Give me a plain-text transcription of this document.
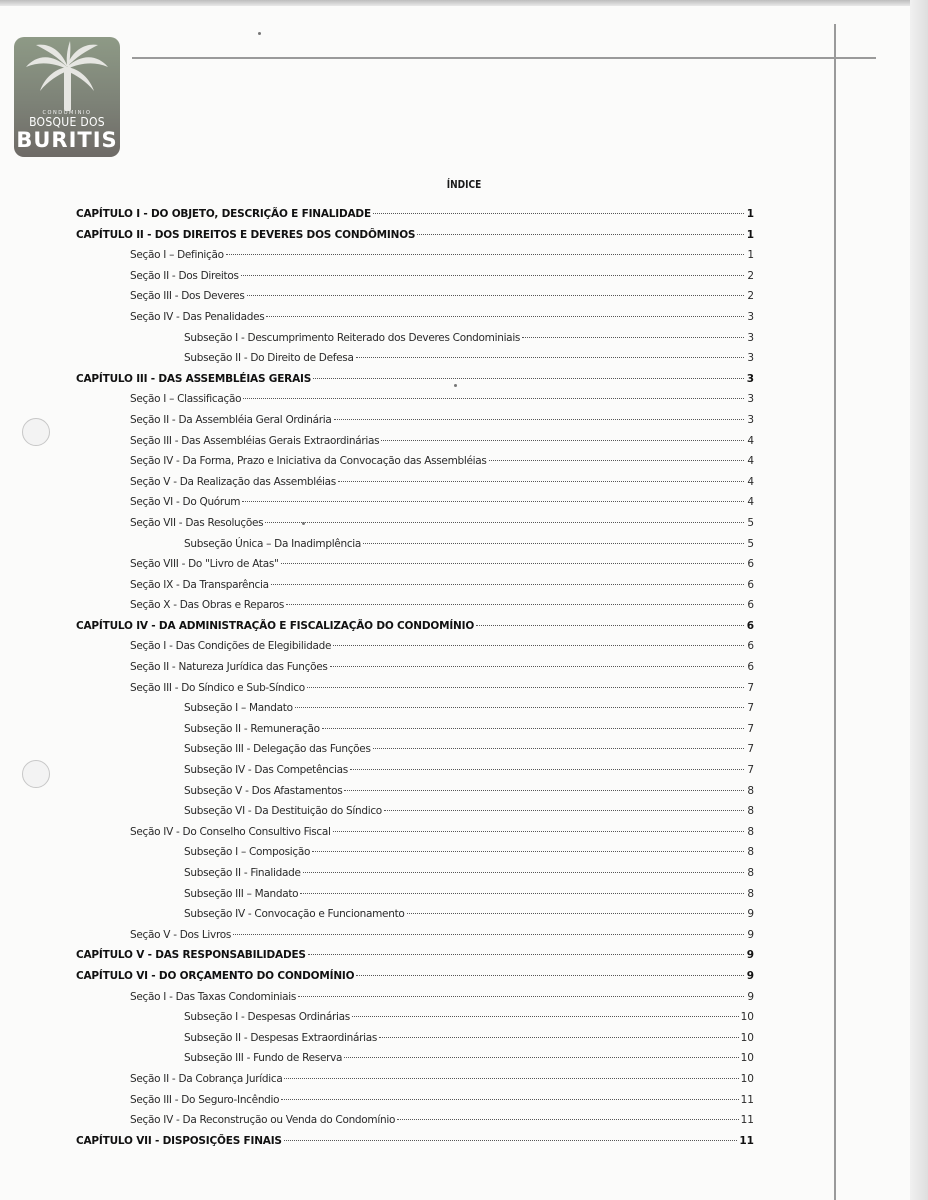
CONDOMINIO
BOSQUE DOS
BURITIS
ÍNDICE
CAPÍTULO I - DO OBJETO, DESCRIÇÃO E FINALIDADE	1
CAPÍTULO II - DOS DIREITOS E DEVERES DOS CONDÔMINOS	1
Seção I – Definição	1
Seção II - Dos Direitos	2
Seção III - Dos Deveres	2
Seção IV - Das Penalidades	3
Subseção I - Descumprimento Reiterado dos Deveres Condominiais	3
Subseção II - Do Direito de Defesa	3
CAPÍTULO III - DAS ASSEMBLÉIAS GERAIS	3
Seção I – Classificação	3
Seção II - Da Assembléia Geral Ordinária	3
Seção III - Das Assembléias Gerais Extraordinárias	4
Seção IV - Da Forma, Prazo e Iniciativa da Convocação das Assembléias	4
Seção V - Da Realização das Assembléias	4
Seção VI - Do Quórum	4
Seção VII - Das Resoluções	5
Subseção Única – Da Inadimplência	5
Seção VIII - Do "Livro de Atas"	6
Seção IX - Da Transparência	6
Seção X - Das Obras e Reparos	6
CAPÍTULO IV - DA ADMINISTRAÇÃO E FISCALIZAÇÃO DO CONDOMÍNIO	6
Seção I - Das Condições de Elegibilidade	6
Seção II - Natureza Jurídica das Funções	6
Seção III - Do Síndico e Sub-Síndico	7
Subseção I – Mandato	7
Subseção II - Remuneração	7
Subseção III - Delegação das Funções	7
Subseção IV - Das Competências	7
Subseção V - Dos Afastamentos	8
Subseção VI - Da Destituição do Síndico	8
Seção IV - Do Conselho Consultivo Fiscal	8
Subseção I – Composição	8
Subseção II - Finalidade	8
Subseção III – Mandato	8
Subseção IV - Convocação e Funcionamento	9
Seção V - Dos Livros	9
CAPÍTULO V - DAS RESPONSABILIDADES	9
CAPÍTULO VI - DO ORÇAMENTO DO CONDOMÍNIO	9
Seção I - Das Taxas Condominiais	9
Subseção I - Despesas Ordinárias	10
Subseção II - Despesas Extraordinárias	10
Subseção III - Fundo de Reserva	10
Seção II - Da Cobrança Jurídica	10
Seção III - Do Seguro-Incêndio	11
Seção IV - Da Reconstrução ou Venda do Condomínio	11
CAPÍTULO VII - DISPOSIÇÕES FINAIS	11
